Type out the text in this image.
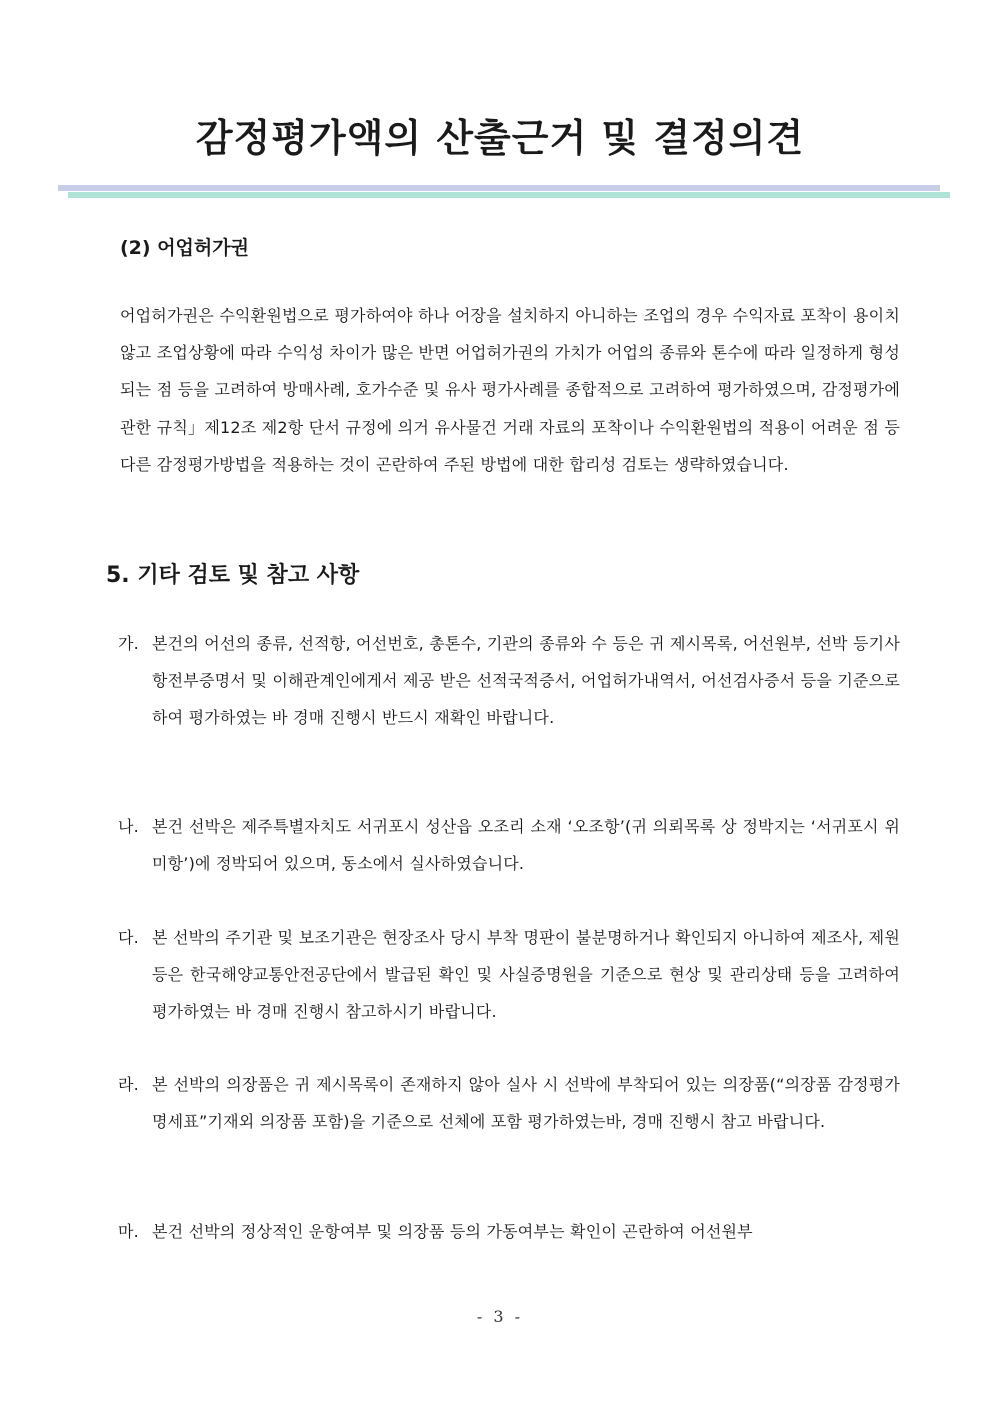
감정평가액의 산출근거 및 결정의견
(2) 어업허가권

어업허가권은 수익환원법으로 평가하여야 하나 어장을 설치하지 아니하는 조업의 경우 수익자료 포착이 용이치 않고 조업상황에 따라 수익성 차이가 많은 반면 어업허가권의 가치가 어업의 종류와 톤수에 따라 일정하게 형성되는 점 등을 고려하여 방매사례, 호가수준 및 유사 평가사례를 종합적으로 고려하여 평가하였으며, 감정평가에 관한 규칙」제12조 제2항 단서 규정에 의거 유사물건 거래 자료의 포착이나 수익환원법의 적용이 어려운 점 등 다른 감정평가방법을 적용하는 것이 곤란하여 주된 방법에 대한 합리성 검토는 생략하였습니다.

5. 기타 검토 및 참고 사항
가. 본건의 어선의 종류, 선적항, 어선번호, 총톤수, 기관의 종류와 수 등은 귀 제시목록, 어선원부, 선박 등기사항전부증명서 및 이해관계인에게서 제공 받은 선적국적증서, 어업허가내역서, 어선검사증서 등을 기준으로 하여 평가하였는 바 경매 진행시 반드시 재확인 바랍니다.
나. 본건 선박은 제주특별자치도 서귀포시 성산읍 오조리 소재 ‘오조항’(귀 의뢰목록 상 정박지는 ‘서귀포시 위미항’)에 정박되어 있으며, 동소에서 실사하였습니다.
다. 본 선박의 주기관 및 보조기관은 현장조사 당시 부착 명판이 불분명하거나 확인되지 아니하여 제조사, 제원 등은 한국해양교통안전공단에서 발급된 확인 및 사실증명원을 기준으로 현상 및 관리상태 등을 고려하여 평가하였는 바 경매 진행시 참고하시기 바랍니다.
라. 본 선박의 의장품은 귀 제시목록이 존재하지 않아 실사 시 선박에 부착되어 있는 의장품(“의장품 감정평가명세표”기재외 의장품 포함)을 기준으로 선체에 포함 평가하였는바, 경매 진행시 참고 바랍니다.
마. 본건 선박의 정상적인 운항여부 및 의장품 등의 가동여부는 확인이 곤란하여 어선원부
- 3 -
